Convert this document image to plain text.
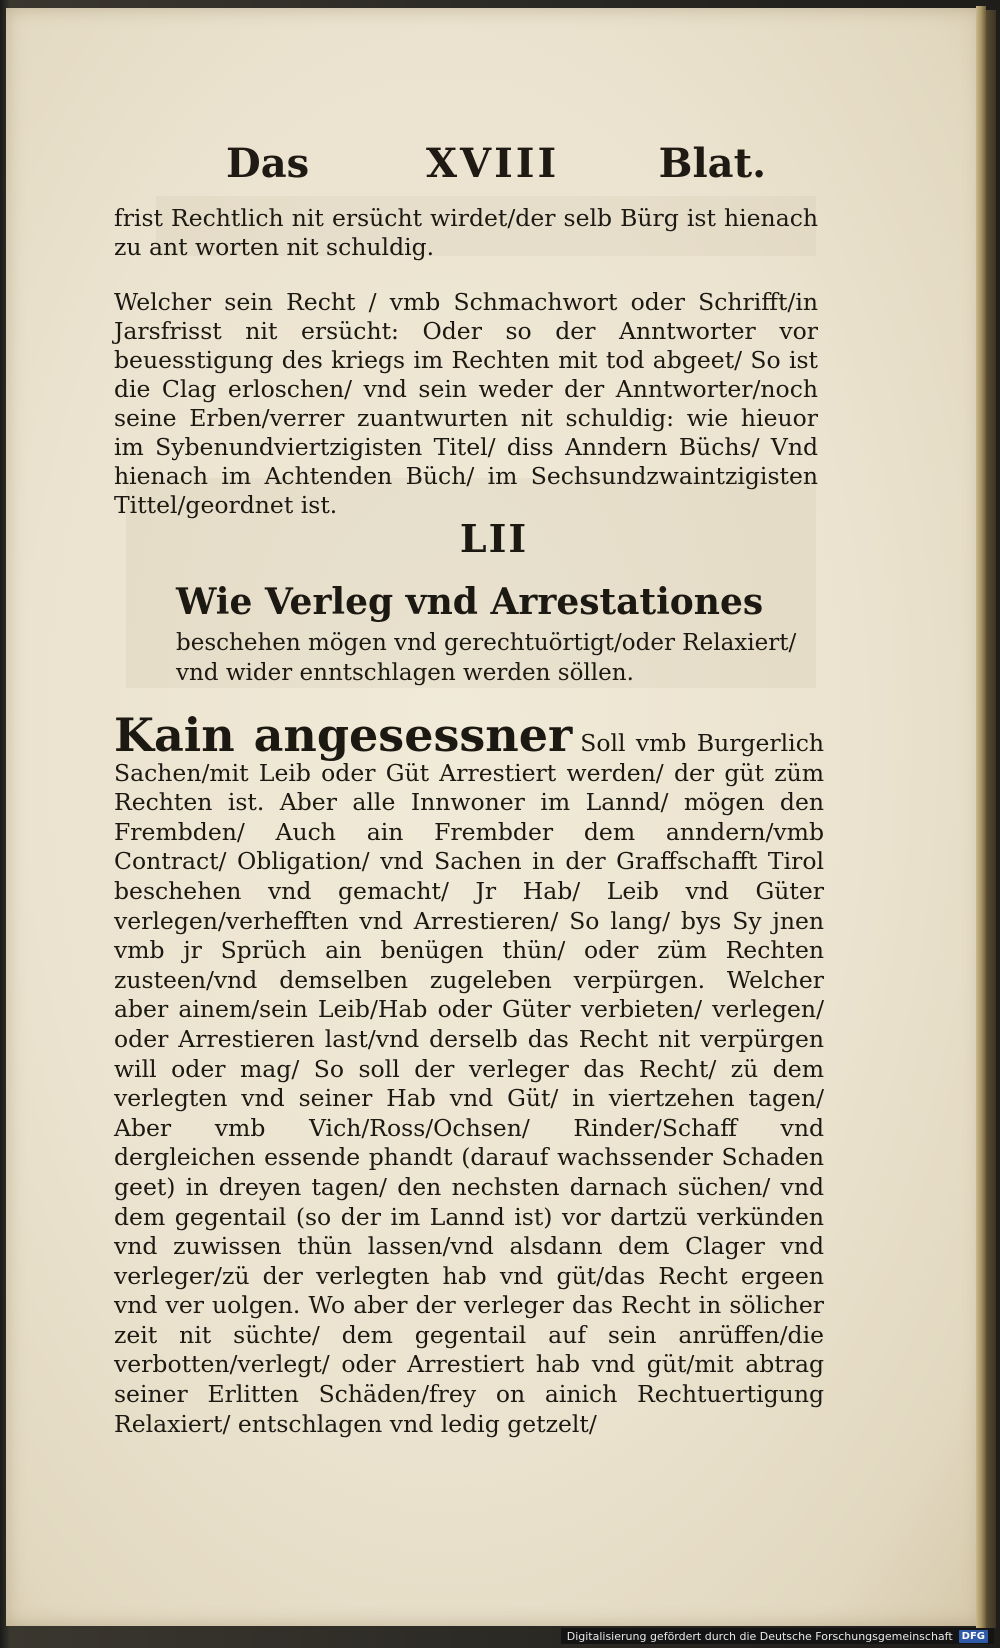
Das	XVIII Blat.
frist Rechtlich nit ersücht wirdet/der selb Bürg ist hienach zu ant worten nit schuldig.
Welcher sein Recht / vmb Schmachwort oder Schrifft/in Jarsfrisst nit ersücht: Oder so der Anntworter vor beuesstigung des kriegs im Rechten mit tod abgeet/ So ist die Clag erloschen/ vnd sein weder der Anntworter/noch seine Erben/verrer zuantwurten nit schuldig: wie hieuor im Sybenundviertzigisten Titel/ diss Anndern Büchs/ Vnd hienach im Achtenden Büch/ im Sechsundzwaintzigisten Tittel/geordnet ist.
LII
Wie Verleg vnd Arrestationes
beschehen mögen vnd gerechtuörtigt/oder Relaxiert/ vnd wider enntschlagen werden söllen.
Kain angesessner Soll vmb Burgerlich Sachen/mit Leib oder Güt Arrestiert werden/ der güt züm Rechten ist. Aber alle Innwoner im Lannd/ mögen den Frembden/ Auch ain Frembder dem anndern/vmb Contract/ Obligation/ vnd Sachen in der Graffschafft Tirol beschehen vnd gemacht/ Jr Hab/ Leib vnd Güter verlegen/verhefften vnd Arrestieren/ So lang/ bys Sy jnen vmb jr Sprüch ain benügen thün/ oder züm Rechten zusteen/vnd demselben zugeleben verpürgen. Welcher aber ainem/sein Leib/Hab oder Güter verbieten/ verlegen/ oder Arrestieren last/vnd derselb das Recht nit verpürgen will oder mag/ So soll der verleger das Recht/ zü dem verlegten vnd seiner Hab vnd Güt/ in viertzehen tagen/ Aber vmb Vich/Ross/Ochsen/ Rinder/Schaff vnd dergleichen essende phandt (darauf wachssender Schaden geet) in dreyen tagen/ den nechsten darnach süchen/ vnd dem gegentail (so der im Lannd ist) vor dartzü verkünden vnd zuwissen thün lassen/vnd alsdann dem Clager vnd verleger/zü der verlegten hab vnd güt/das Recht ergeen vnd ver uolgen. Wo aber der verleger das Recht in sölicher zeit nit süchte/ dem gegentail auf sein anrüffen/die verbotten/verlegt/ oder Arrestiert hab vnd güt/mit abtrag seiner Erlitten Schäden/frey on ainich Rechtuertigung Relaxiert/ entschlagen vnd ledig getzelt/
Digitalisierung gefördert durch die Deutsche Forschungsgemeinschaft DFG
